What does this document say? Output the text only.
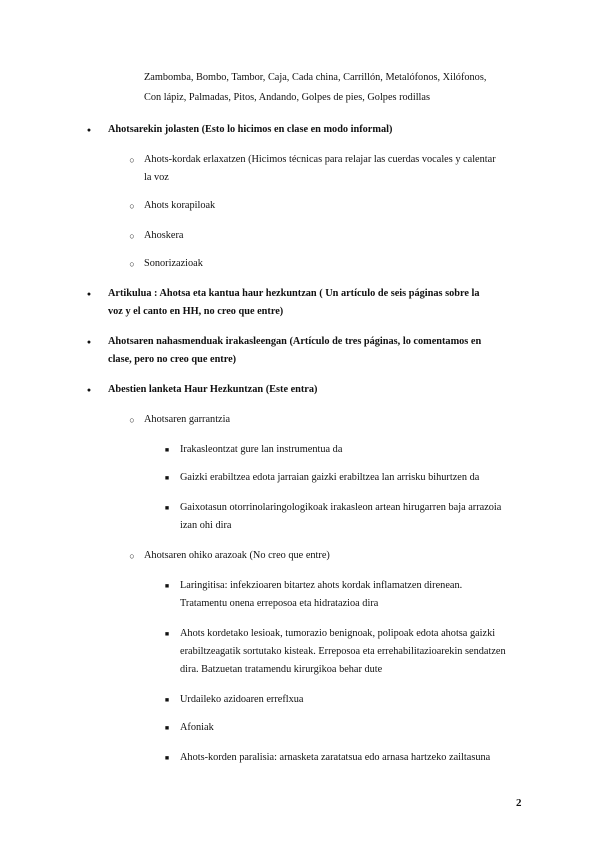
Zambomba, Bombo, Tambor, Caja, Cada china, Carrillón, Metalófonos, Xilófonos,
Con lápiz, Palmadas, Pitos, Andando, Golpes de pies, Golpes rodillas
●
Ahotsarekin jolasten (Esto lo hicimos en clase en modo informal)
○
Ahots-kordak erlaxatzen (Hicimos técnicas para relajar las cuerdas vocales y calentar
la voz
○
Ahots korapiloak
○
Ahoskera
○
Sonorizazioak
●
Artikulua : Ahotsa eta kantua haur hezkuntzan ( Un artículo de seis páginas sobre la
voz y el canto en HH, no creo que entre)
●
Ahotsaren nahasmenduak irakasleengan (Artículo de tres páginas, lo comentamos en
clase, pero no creo que entre)
●
Abestien lanketa Haur Hezkuntzan (Este entra)
○
Ahotsaren garrantzia
■
Irakasleontzat gure lan instrumentua da
■
Gaizki erabiltzea edota jarraian gaizki erabiltzea lan arrisku bihurtzen da
■
Gaixotasun otorrinolaringologikoak irakasleon artean hirugarren baja arrazoia
izan ohi dira
○
Ahotsaren ohiko arazoak (No creo que entre)
■
Laringitisa: infekzioaren bitartez ahots kordak inflamatzen direnean.
Tratamentu onena erreposoa eta hidratazioa dira
■
Ahots kordetako lesioak, tumorazio benignoak, polipoak edota ahotsa gaizki
erabiltzeagatik sortutako kisteak. Erreposoa eta errehabilitazioarekin sendatzen
dira. Batzuetan tratamendu kirurgikoa behar dute
■
Urdaileko azidoaren erreflxua
■
Afoniak
■
Ahots-korden paralisia: arnasketa zaratatsua edo arnasa hartzeko zailtasuna
2
